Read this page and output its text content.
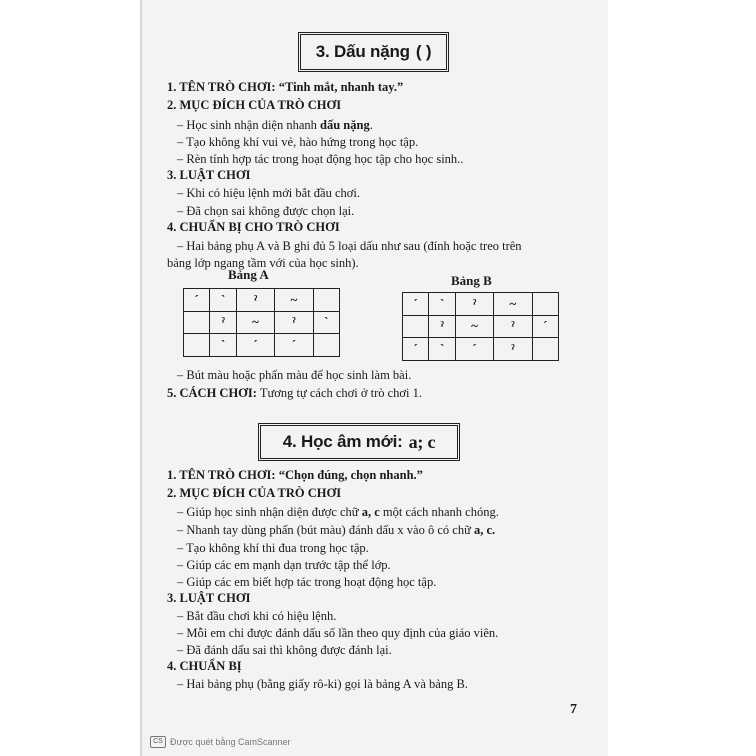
3. Dấu nặng ( )
1. TÊN TRÒ CHƠI: “Tinh mắt, nhanh tay.”
2. MỤC ĐÍCH CỦA TRÒ CHƠI
– Học sinh nhận diện nhanh dấu nặng.
– Tạo không khí vui vẻ, hào hứng trong học tập.
– Rèn tính hợp tác trong hoạt động học tập cho học sinh..
3. LUẬT CHƠI
– Khi có hiệu lệnh mới bắt đầu chơi.
– Đã chọn sai không được chọn lại.
4. CHUẨN BỊ CHO TRÒ CHƠI
– Hai bảng phụ A và B ghi đủ 5 loại dấu như sau (đính hoặc treo trên
bảng lớp ngang tầm với của học sinh).
Bảng A	Bảng B
ˊ	ˋ	ˀ	~	
	ˀ	~	ˀ	ˋ
	ˋ	ˊ	ˊ	
ˊ	ˋ	ˀ	~	
	ˀ	~	ˀ	ˊ
ˊ	ˋ	ˊ	ˀ	
– Bút màu hoặc phấn màu để học sinh làm bài.
5. CÁCH CHƠI: Tương tự cách chơi ở trò chơi 1.
4. Học âm mới: a; c
1. TÊN TRÒ CHƠI: “Chọn đúng, chọn nhanh.”
2. MỤC ĐÍCH CỦA TRÒ CHƠI
– Giúp học sinh nhận diện được chữ a, c một cách nhanh chóng.
– Nhanh tay dùng phấn (bút màu) đánh dấu x vào ô có chữ a, c.
– Tạo không khí thi đua trong học tập.
– Giúp các em mạnh dạn trước tập thể lớp.
– Giúp các em biết hợp tác trong hoạt động học tập.
3. LUẬT CHƠI
– Bắt đầu chơi khi có hiệu lệnh.
– Mỗi em chỉ được đánh dấu số lần theo quy định của giáo viên.
– Đã đánh dấu sai thì không được đánh lại.
4. CHUẨN BỊ
– Hai bảng phụ (bằng giấy rô-ki) gọi là bảng A và bảng B.
7
CS Được quét bằng CamScanner
